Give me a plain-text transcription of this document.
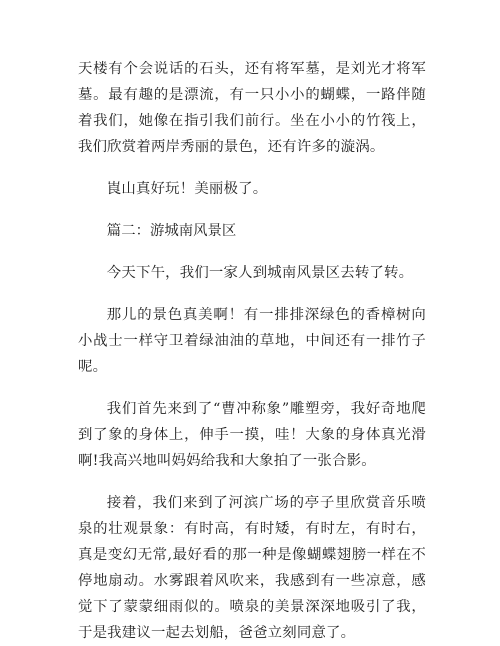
天楼有个会说话的石头，还有将军墓，是刘光才将军墓。最有趣的是漂流，有一只小小的蝴蝶，一路伴随着我们，她像在指引我们前行。坐在小小的竹筏上，我们欣赏着两岸秀丽的景色，还有许多的漩涡。

崀山真好玩！美丽极了。

篇二：游城南风景区

今天下午，我们一家人到城南风景区去转了转。

那儿的景色真美啊！有一排排深绿色的香樟树向小战士一样守卫着绿油油的草地，中间还有一排竹子呢。

我们首先来到了“曹冲称象”雕塑旁，我好奇地爬到了象的身体上，伸手一摸，哇！大象的身体真光滑啊!我高兴地叫妈妈给我和大象拍了一张合影。

接着，我们来到了河滨广场的亭子里欣赏音乐喷泉的壮观景象：有时高，有时矮，有时左，有时右，真是变幻无常,最好看的那一种是像蝴蝶翅膀一样在不停地扇动。水雾跟着风吹来，我感到有一些凉意，感觉下了蒙蒙细雨似的。喷泉的美景深深地吸引了我，于是我建议一起去划船，爸爸立刻同意了。
